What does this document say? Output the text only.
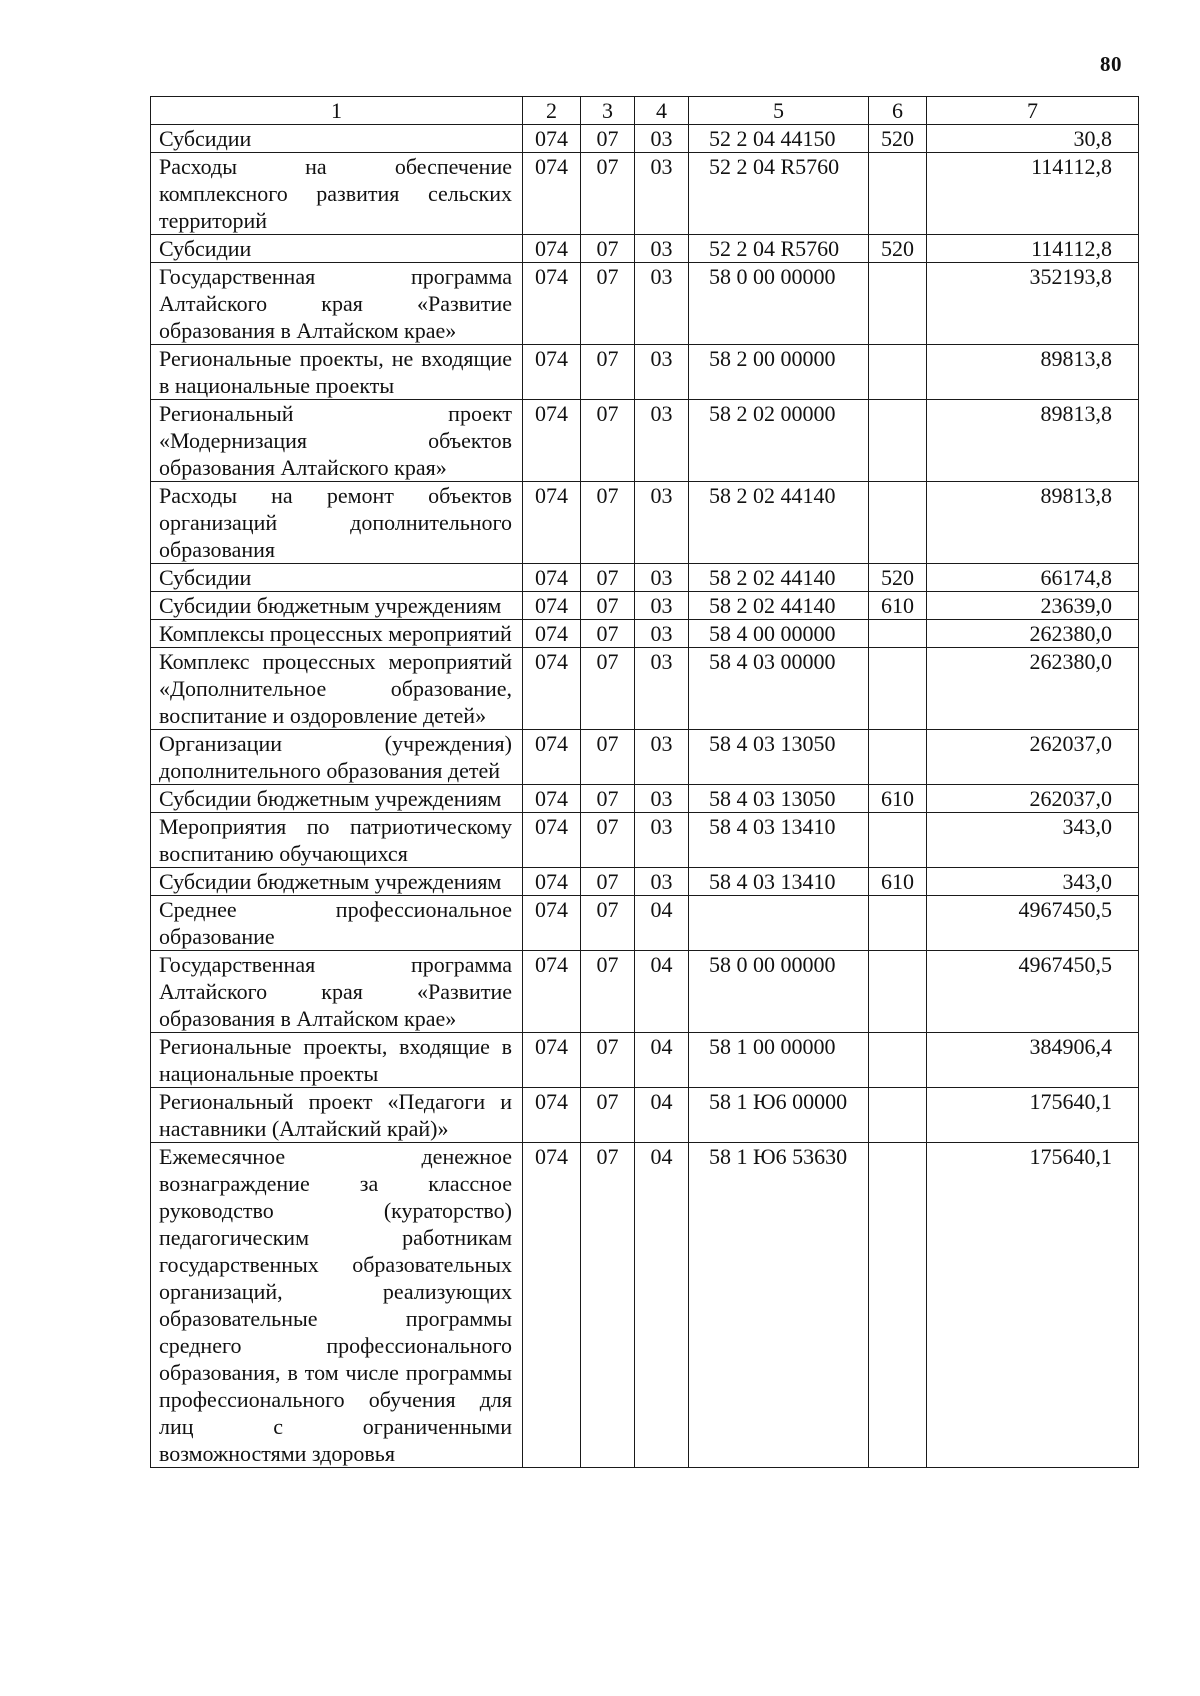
80
1	2	3	4	5	6	7
Субсидии	074	07	03	52 2 04 44150	520	30,8
Расходы на обеспечение комплексного развития сельских территорий	074	07	03	52 2 04 R5760		114112,8
Субсидии	074	07	03	52 2 04 R5760	520	114112,8
Государственная программа Алтайского края «Развитие образования в Алтайском крае»	074	07	03	58 0 00 00000		352193,8
Региональные проекты, не входящие в национальные проекты	074	07	03	58 2 00 00000		89813,8
Региональный проект «Модернизация объектов образования Алтайского края»	074	07	03	58 2 02 00000		89813,8
Расходы на ремонт объектов организаций дополнительного образования	074	07	03	58 2 02 44140		89813,8
Субсидии	074	07	03	58 2 02 44140	520	66174,8
Субсидии бюджетным учреждениям	074	07	03	58 2 02 44140	610	23639,0
Комплексы процессных мероприятий	074	07	03	58 4 00 00000		262380,0
Комплекс процессных мероприятий «Дополнительное образование, воспитание и оздоровление детей»	074	07	03	58 4 03 00000		262380,0
Организации (учреждения) дополнительного образования детей	074	07	03	58 4 03 13050		262037,0
Субсидии бюджетным учреждениям	074	07	03	58 4 03 13050	610	262037,0
Мероприятия по патриотическому воспитанию обучающихся	074	07	03	58 4 03 13410		343,0
Субсидии бюджетным учреждениям	074	07	03	58 4 03 13410	610	343,0
Среднее профессиональное образование	074	07	04			4967450,5
Государственная программа Алтайского края «Развитие образования в Алтайском крае»	074	07	04	58 0 00 00000		4967450,5
Региональные проекты, входящие в национальные проекты	074	07	04	58 1 00 00000		384906,4
Региональный проект «Педагоги и наставники (Алтайский край)»	074	07	04	58 1 Ю6 00000		175640,1
Ежемесячное денежное вознаграждение за классное руководство (кураторство) педагогическим работникам государственных образовательных организаций, реализующих образовательные программы среднего профессионального образования, в том числе программы профессионального обучения для лиц с ограниченными возможностями здоровья	074	07	04	58 1 Ю6 53630		175640,1
